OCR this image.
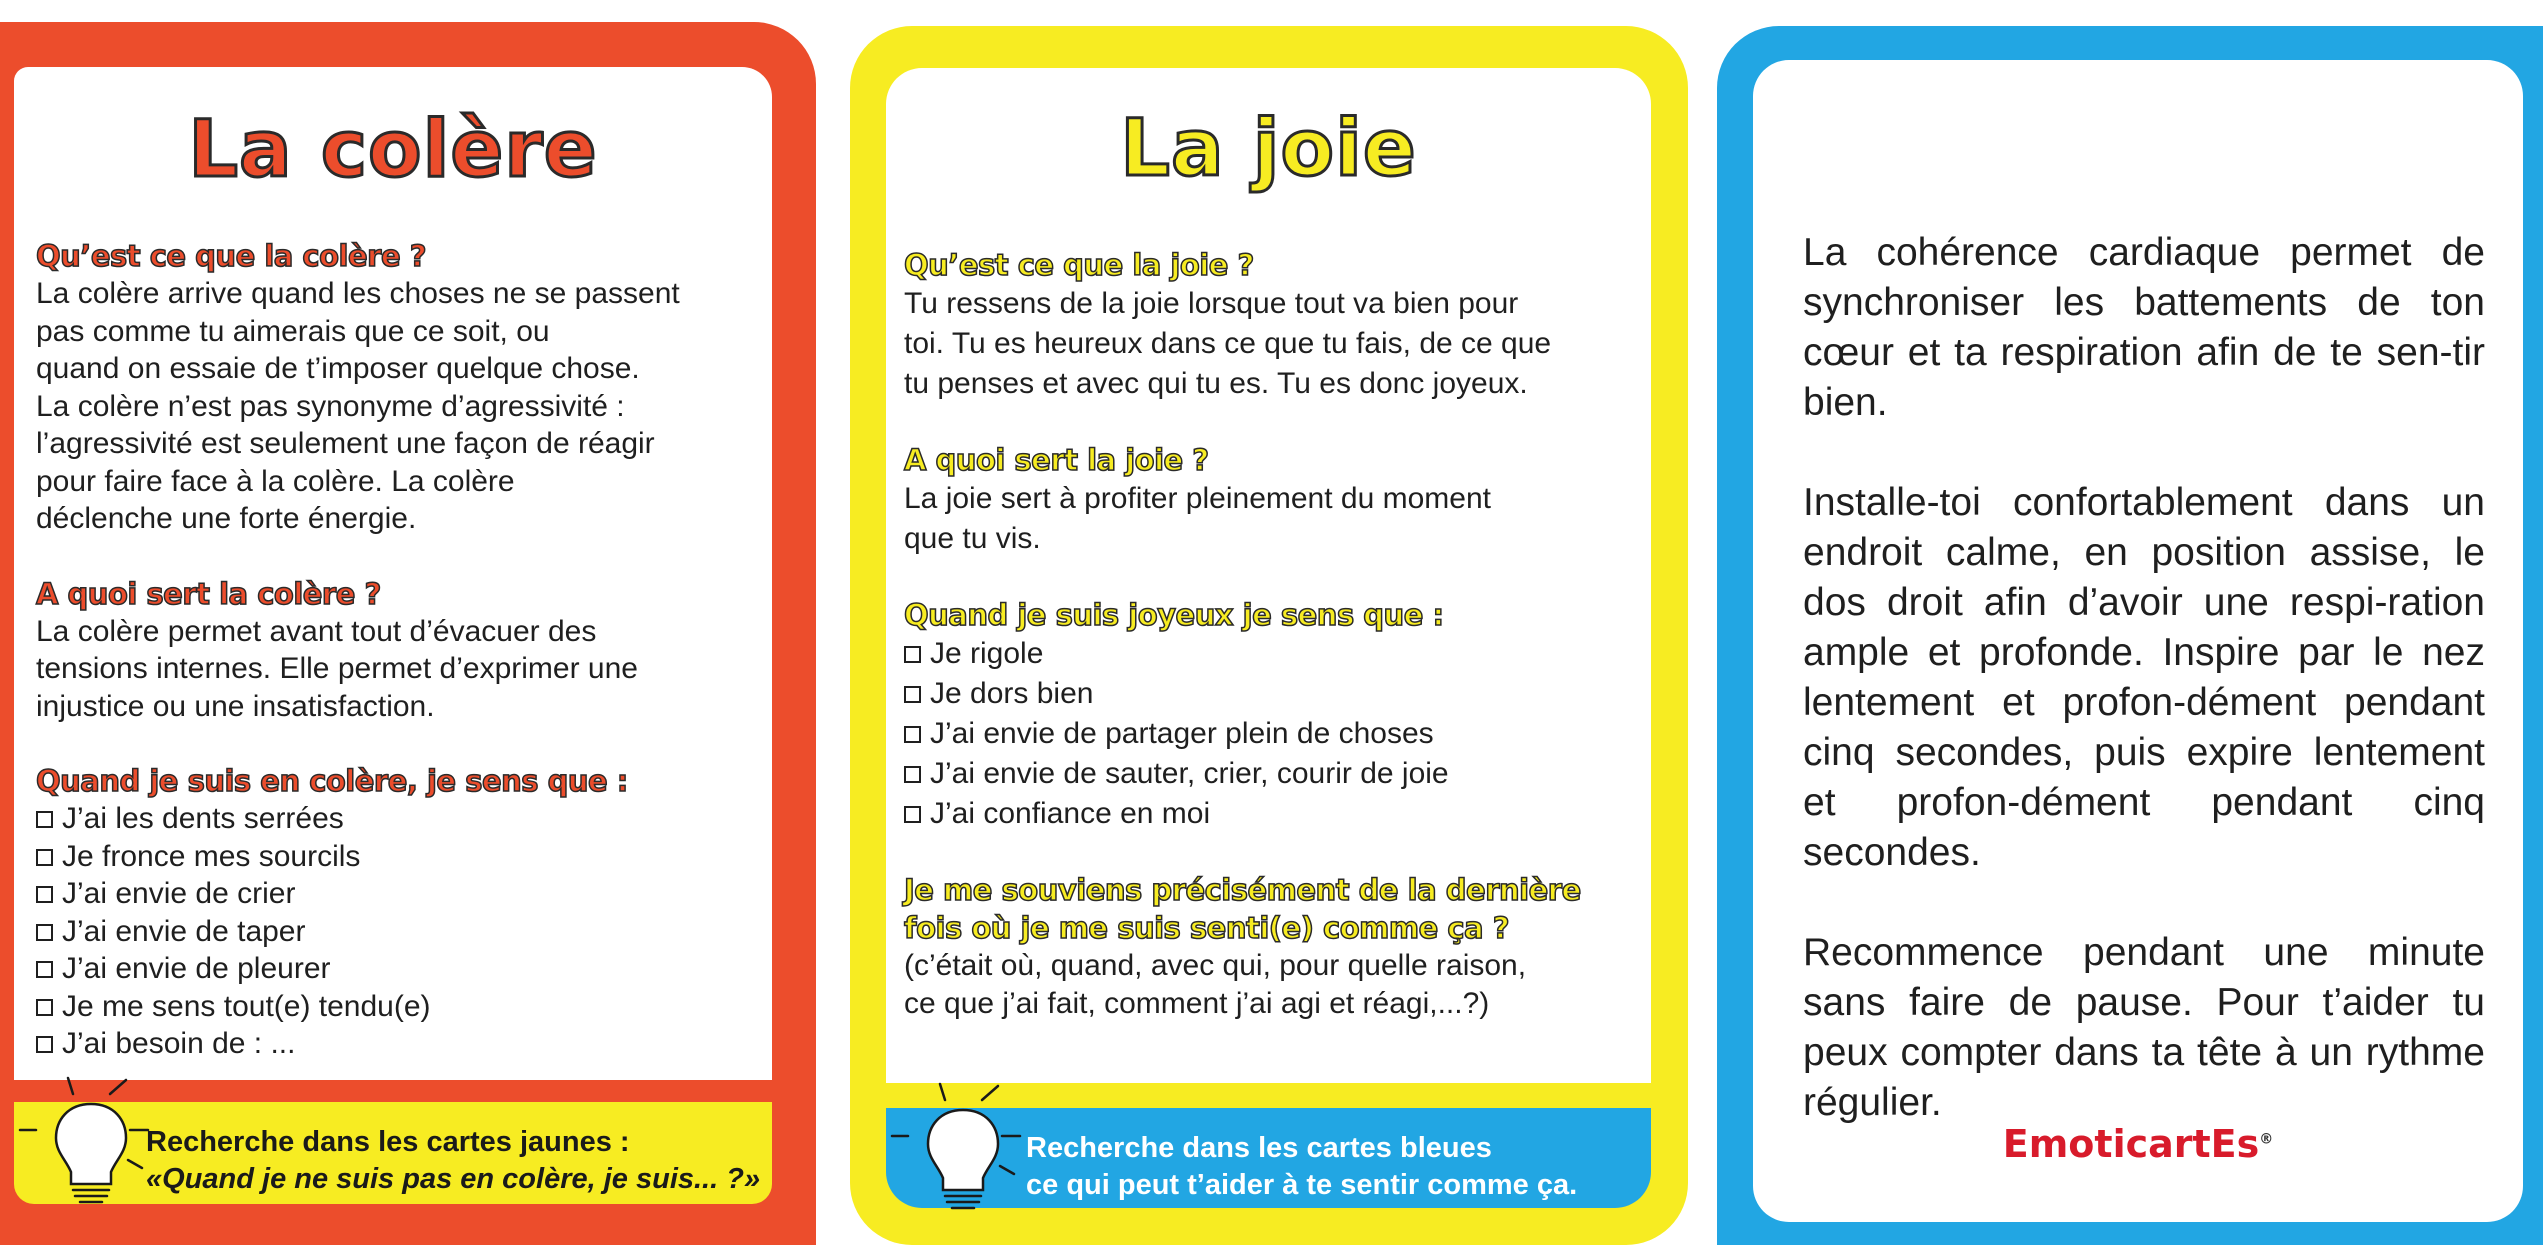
La colère
Qu’est ce que la colère ?
La colère arrive quand les choses ne se passent
pas comme tu aimerais que ce soit, ou
quand on essaie de t’imposer quelque chose.
La colère n’est pas synonyme d’agressivité :
l’agressivité est seulement une façon de réagir
pour faire face à la colère. La colère
déclenche une forte énergie.
A quoi sert la colère ?
La colère permet avant tout d’évacuer des
tensions internes. Elle permet d’exprimer une
injustice ou une insatisfaction.
Quand je suis en colère, je sens que :
J’ai les dents serrées
Je fronce mes sourcils
J’ai envie de crier
J’ai envie de taper
J’ai envie de pleurer
Je me sens tout(e) tendu(e)
J’ai besoin de : ...
Recherche dans les cartes jaunes :
«Quand je ne suis pas en colère, je suis... ?»
La joie
Qu’est ce que la joie ?
Tu ressens de la joie lorsque tout va bien pour
toi. Tu es heureux dans ce que tu fais, de ce que
tu penses et avec qui tu es. Tu es donc joyeux.
A quoi sert la joie ?
La joie sert à profiter pleinement du moment
que tu vis.
Quand je suis joyeux je sens que :
Je rigole
Je dors bien
J’ai envie de partager plein de choses
J’ai envie de sauter, crier, courir de joie
J’ai confiance en moi
Je me souviens précisément de la dernière
fois où je me suis senti(e) comme ça ?
(c’était où, quand, avec qui, pour quelle raison,
ce que j’ai fait, comment j’ai agi et réagi,...?)
Recherche dans les cartes bleues
ce qui peut t’aider à te sentir comme ça.

La cohérence cardiaque permet de synchroniser les battements de ton cœur et ta respiration afin de te sen-tir bien.

Installe-toi confortablement dans un endroit calme, en position assise, le dos droit afin d’avoir une respi-ration ample et profonde. Inspire par le nez lentement et profon-dément pendant cinq secondes, puis expire lentement et profon-dément pendant cinq secondes.

Recommence pendant une minute sans faire de pause. Pour t’aider tu peux compter dans ta tête à un rythme régulier.

EmoticartEs®
